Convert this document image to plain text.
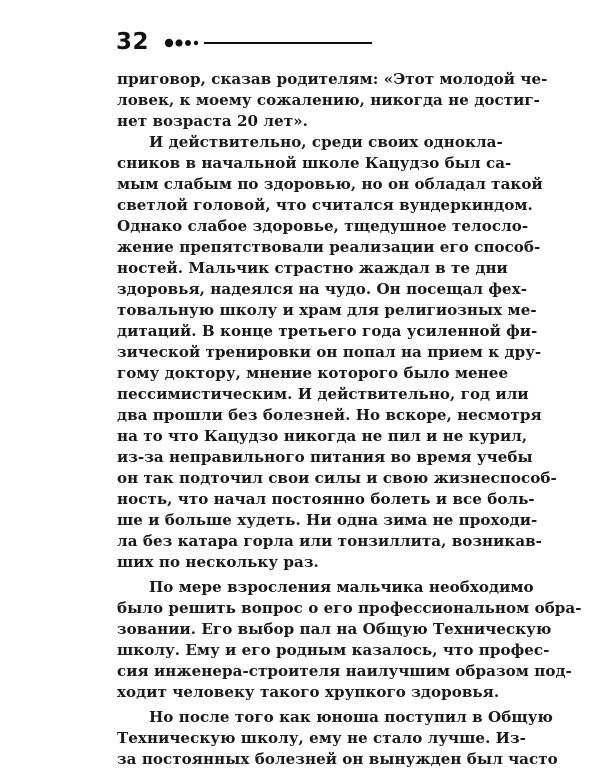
32
приговор, сказав родителям: «Этот молодой че-
ловек, к моему сожалению, никогда не достиг-
нет возраста 20 лет».
И действительно, среди своих однокла-
сников в начальной школе Кацудзо был са-
мым слабым по здоровью, но он обладал такой
светлой головой, что считался вундеркиндом.
Однако слабое здоровье, тщедушное телосло-
жение препятствовали реализации его способ-
ностей. Мальчик страстно жаждал в те дни
здоровья, надеялся на чудо. Он посещал фех-
товальную школу и храм для религиозных ме-
дитаций. В конце третьего года усиленной фи-
зической тренировки он попал на прием к дру-
гому доктору, мнение которого было менее
пессимистическим. И действительно, год или
два прошли без болезней. Но вскоре, несмотря
на то что Кацудзо никогда не пил и не курил,
из-за неправильного питания во время учебы
он так подточил свои силы и свою жизнеспособ-
ность, что начал постоянно болеть и все боль-
ше и больше худеть. Ни одна зима не проходи-
ла без катара горла или тонзиллита, возникав-
ших по нескольку раз.
По мере взросления мальчика необходимо
было решить вопрос о его профессиональном обра-
зовании. Его выбор пал на Общую Техническую
школу. Ему и его родным казалось, что профес-
сия инженера-строителя наилучшим образом под-
ходит человеку такого хрупкого здоровья.
Но после того как юноша поступил в Общую
Техническую школу, ему не стало лучше. Из-
за постоянных болезней он вынужден был часто
